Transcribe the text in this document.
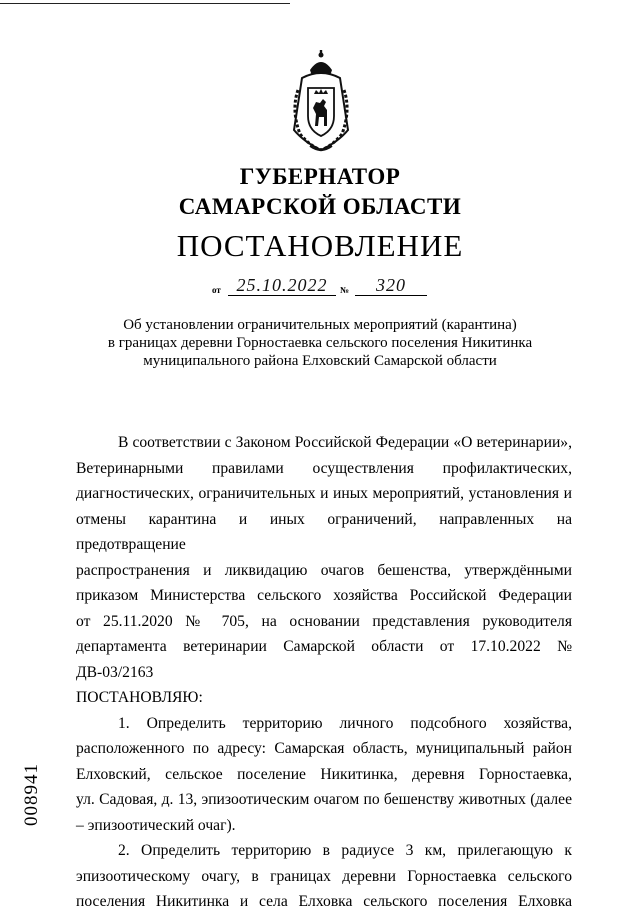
ГУБЕРНАТОР
САМАРСКОЙ ОБЛАСТИ
ПОСТАНОВЛЕНИЕ
от 25.10.2022	№	320

Об установлении ограничительных мероприятий (карантина)

в границах деревни Горностаевка сельского поселения Никитинка

муниципального района Елховский Самарской области

В соответствии с Законом Российской Федерации «О ветеринарии»,
Ветеринарными правилами осуществления профилактических,
диагностических, ограничительных и иных мероприятий, установления и
отмены карантина и иных ограничений, направленных на предотвращение
распространения и ликвидацию очагов бешенства, утверждёнными
приказом Министерства сельского хозяйства Российской Федерации
от 25.11.2020 № 705, на основании представления руководителя
департамента ветеринарии Самарской области от 17.10.2022 № ДВ-03/2163
ПОСТАНОВЛЯЮ:
1. Определить территорию личного подсобного хозяйства,
расположенного по адресу: Самарская область, муниципальный район
Елховский, сельское поселение Никитинка, деревня Горностаевка,
ул. Садовая, д. 13, эпизоотическим очагом по бешенству животных (далее
– эпизоотический очаг).
2. Определить территорию в радиусе 3 км, прилегающую к
эпизоотическому очагу, в границах деревни Горностаевка сельского
поселения Никитинка и села Елховка сельского поселения Елховка
008941
